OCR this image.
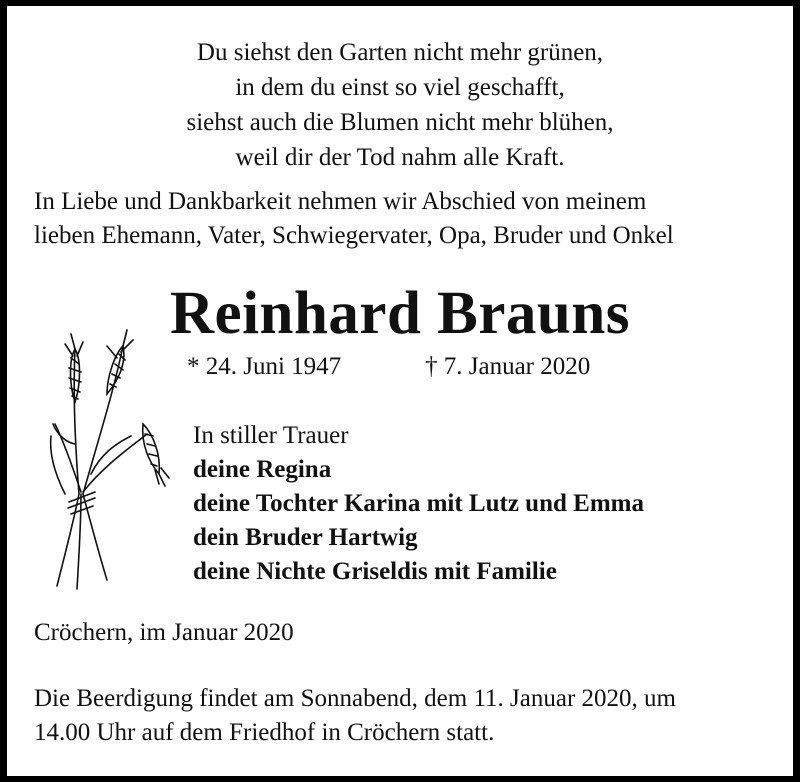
Du siehst den Garten nicht mehr grünen,
in dem du einst so viel geschafft,
siehst auch die Blumen nicht mehr blühen,
weil dir der Tod nahm alle Kraft.
In Liebe und Dankbarkeit nehmen wir Abschied von meinem
lieben Ehemann, Vater, Schwiegervater, Opa, Bruder und Onkel
Reinhard Brauns
* 24. Juni 1947	† 7. Januar 2020
In stiller Trauer
deine Regina
deine Tochter Karina mit Lutz und Emma
dein Bruder Hartwig
deine Nichte Griseldis mit Familie
Cröchern, im Januar 2020
Die Beerdigung findet am Sonnabend, dem 11. Januar 2020, um
14.00 Uhr auf dem Friedhof in Cröchern statt.
